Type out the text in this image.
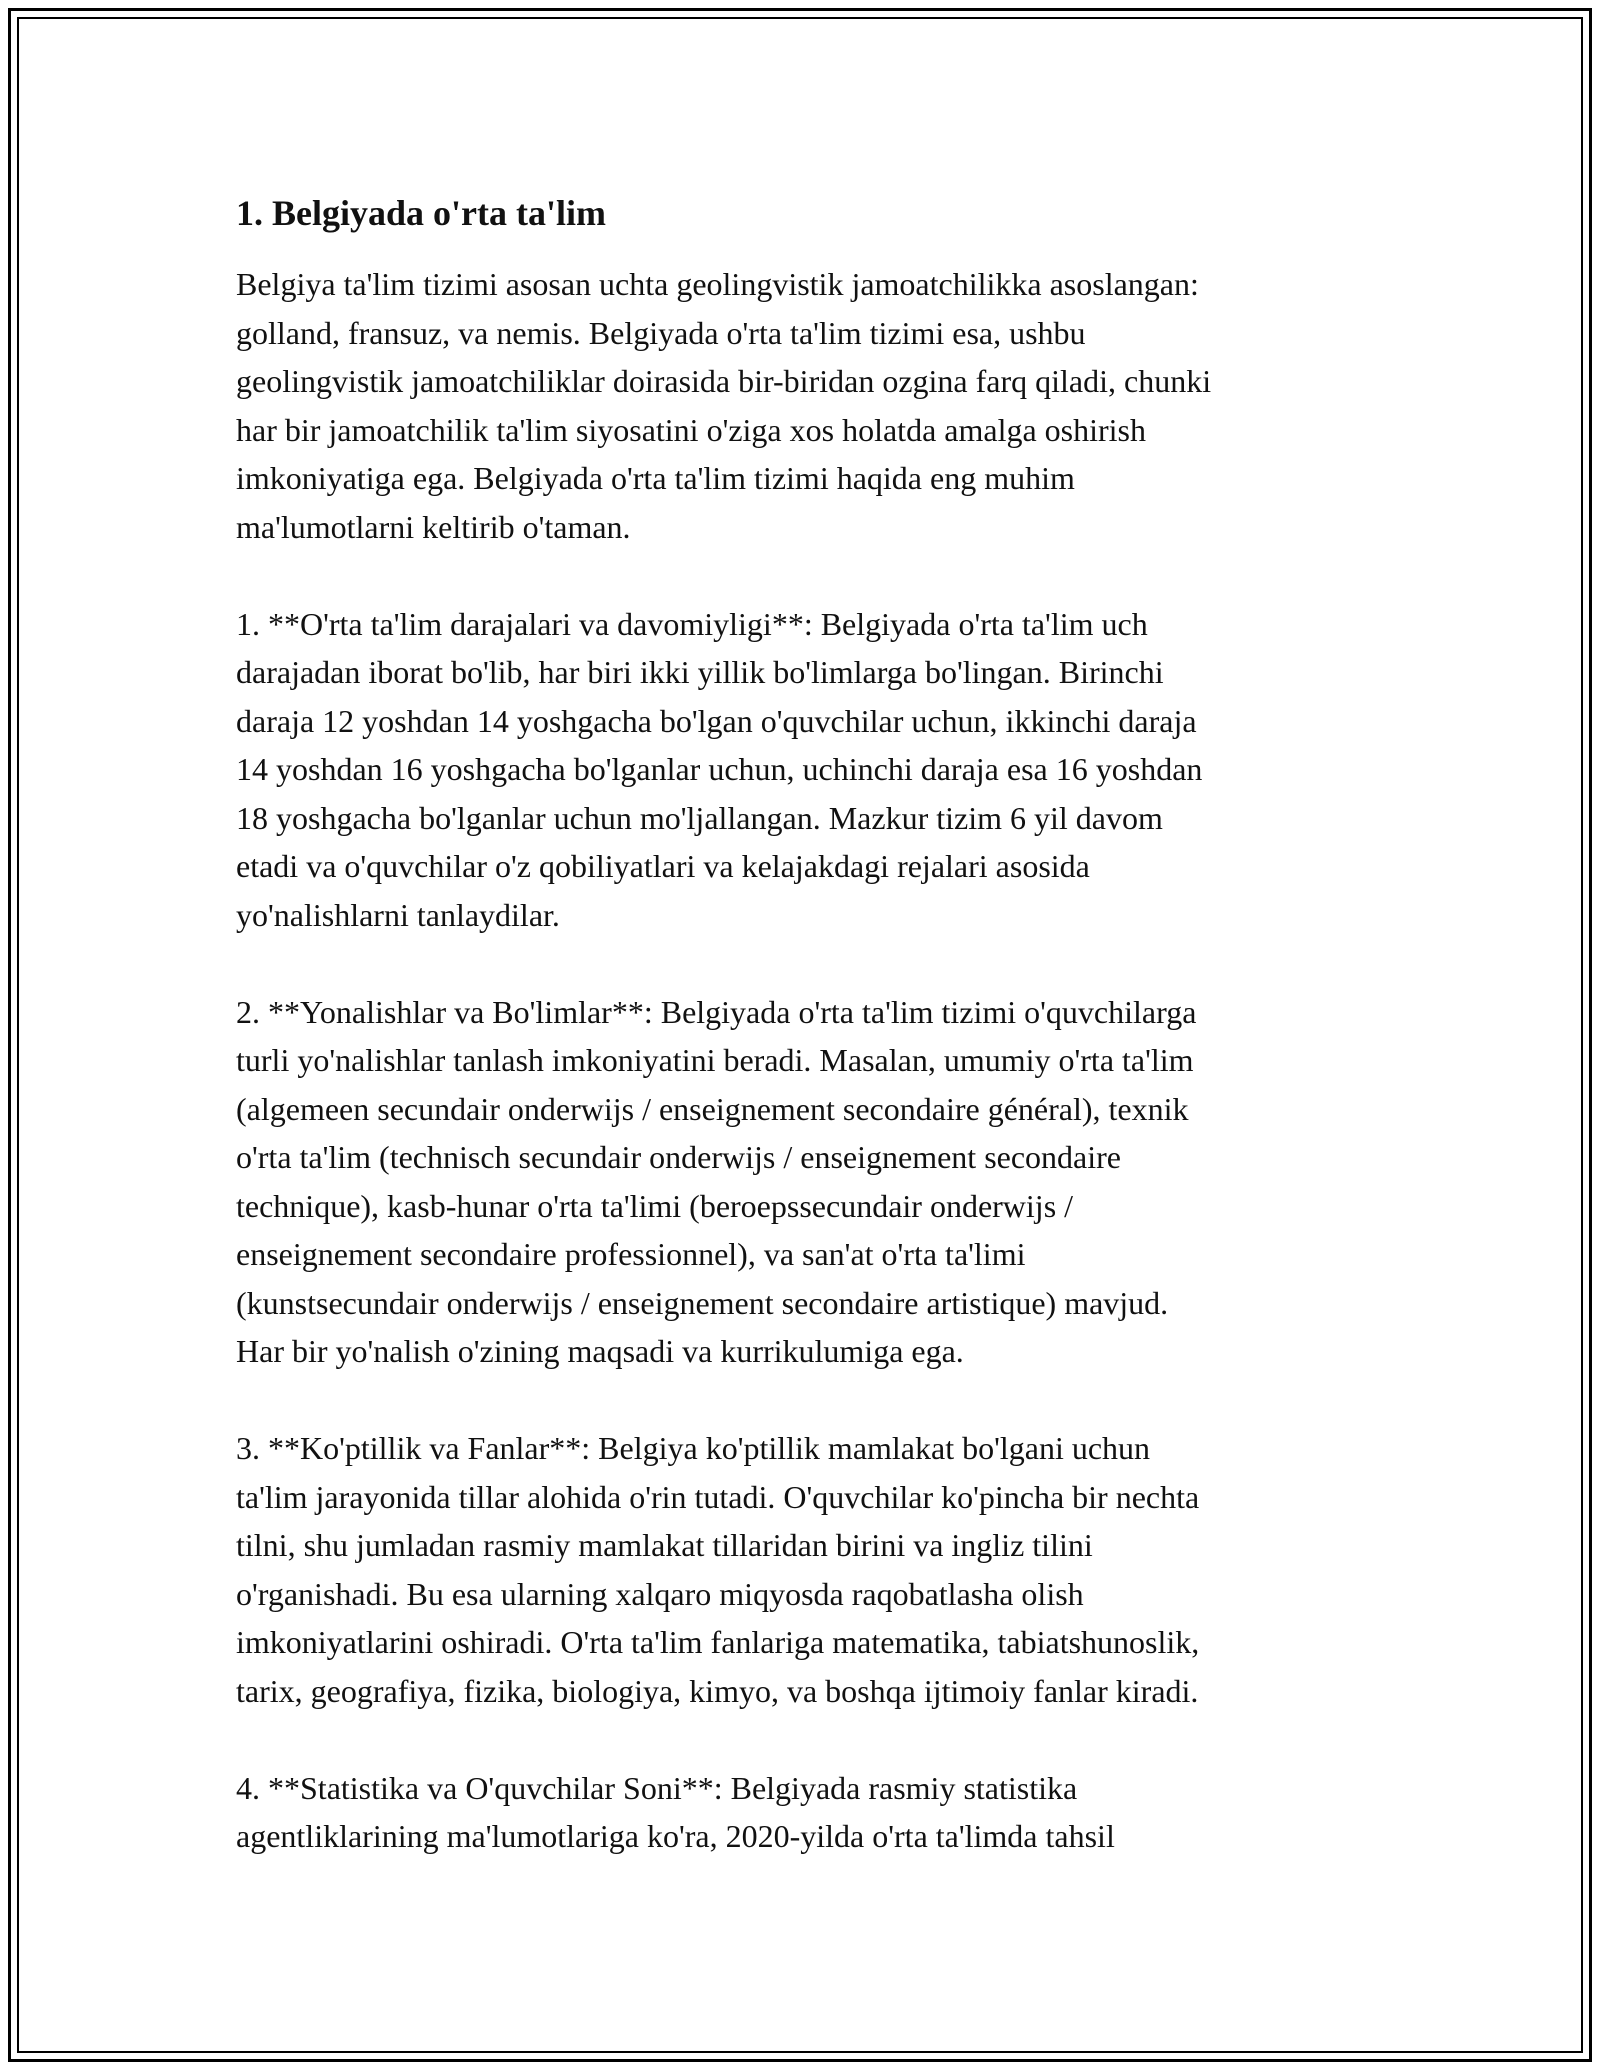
1. Belgiyada o'rta ta'lim

Belgiya ta'lim tizimi asosan uchta geolingvistik jamoatchilikka asoslangan:
golland, fransuz, va nemis. Belgiyada o'rta ta'lim tizimi esa, ushbu
geolingvistik jamoatchiliklar doirasida bir-biridan ozgina farq qiladi, chunki
har bir jamoatchilik ta'lim siyosatini o'ziga xos holatda amalga oshirish
imkoniyatiga ega. Belgiyada o'rta ta'lim tizimi haqida eng muhim
ma'lumotlarni keltirib o'taman.

1. **O'rta ta'lim darajalari va davomiyligi**: Belgiyada o'rta ta'lim uch
darajadan iborat bo'lib, har biri ikki yillik bo'limlarga bo'lingan. Birinchi
daraja 12 yoshdan 14 yoshgacha bo'lgan o'quvchilar uchun, ikkinchi daraja
14 yoshdan 16 yoshgacha bo'lganlar uchun, uchinchi daraja esa 16 yoshdan
18 yoshgacha bo'lganlar uchun mo'ljallangan. Mazkur tizim 6 yil davom
etadi va o'quvchilar o'z qobiliyatlari va kelajakdagi rejalari asosida
yo'nalishlarni tanlaydilar.

2. **Yonalishlar va Bo'limlar**: Belgiyada o'rta ta'lim tizimi o'quvchilarga
turli yo'nalishlar tanlash imkoniyatini beradi. Masalan, umumiy o'rta ta'lim
(algemeen secundair onderwijs / enseignement secondaire général), texnik
o'rta ta'lim (technisch secundair onderwijs / enseignement secondaire
technique), kasb-hunar o'rta ta'limi (beroepssecundair onderwijs /
enseignement secondaire professionnel), va san'at o'rta ta'limi
(kunstsecundair onderwijs / enseignement secondaire artistique) mavjud.
Har bir yo'nalish o'zining maqsadi va kurrikulumiga ega.

3. **Ko'ptillik va Fanlar**: Belgiya ko'ptillik mamlakat bo'lgani uchun
ta'lim jarayonida tillar alohida o'rin tutadi. O'quvchilar ko'pincha bir nechta
tilni, shu jumladan rasmiy mamlakat tillaridan birini va ingliz tilini
o'rganishadi. Bu esa ularning xalqaro miqyosda raqobatlasha olish
imkoniyatlarini oshiradi. O'rta ta'lim fanlariga matematika, tabiatshunoslik,
tarix, geografiya, fizika, biologiya, kimyo, va boshqa ijtimoiy fanlar kiradi.

4. **Statistika va O'quvchilar Soni**: Belgiyada rasmiy statistika
agentliklarining ma'lumotlariga ko'ra, 2020-yilda o'rta ta'limda tahsil
